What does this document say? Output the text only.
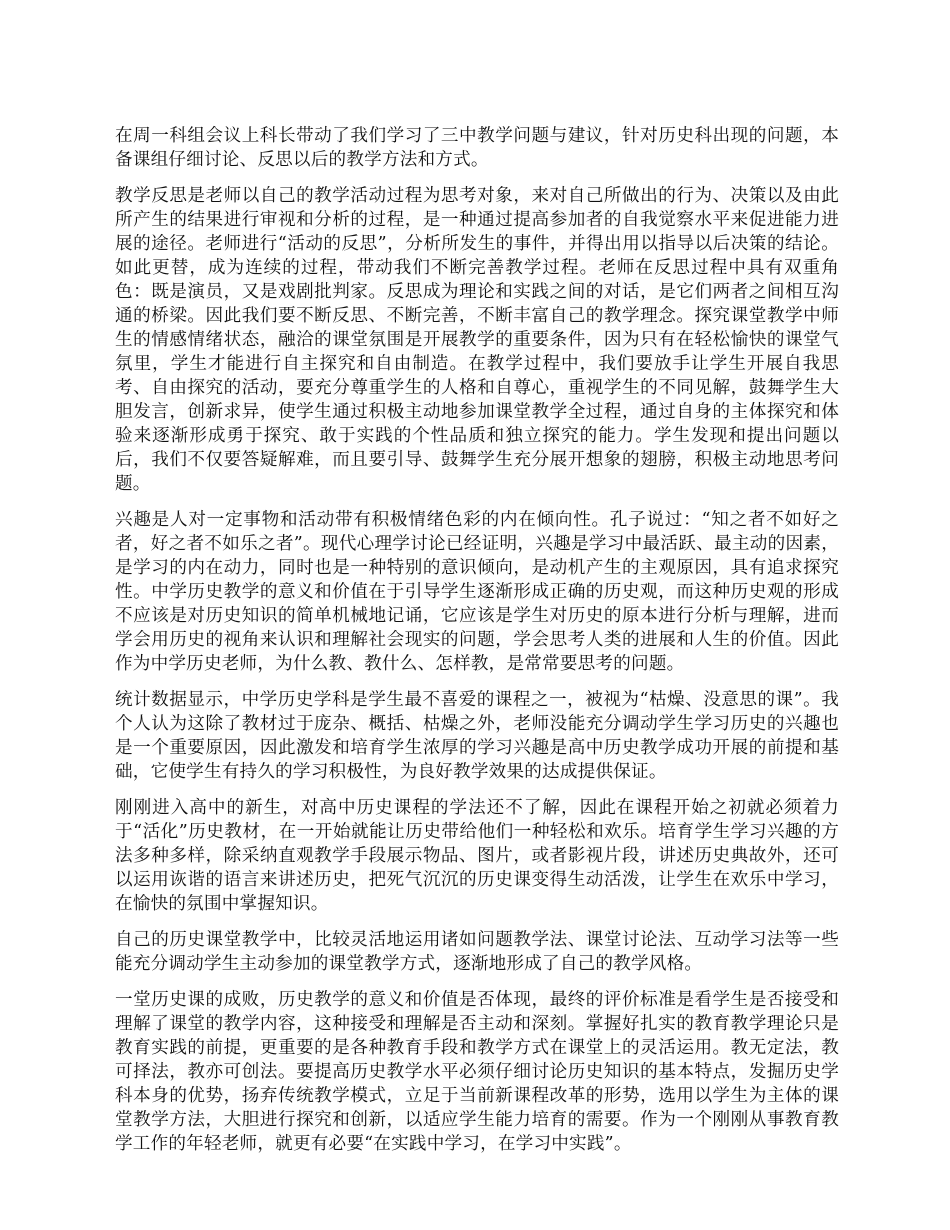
在周一科组会议上科长带动了我们学习了三中教学问题与建议，针对历史科出现的问题，本备课组仔细讨论、反思以后的教学方法和方式。

教学反思是老师以自己的教学活动过程为思考对象，来对自己所做出的行为、决策以及由此所产生的结果进行审视和分析的过程，是一种通过提高参加者的自我觉察水平来促进能力进展的途径。老师进行“活动的反思”，分析所发生的事件，并得出用以指导以后决策的结论。如此更替，成为连续的过程，带动我们不断完善教学过程。老师在反思过程中具有双重角色：既是演员，又是戏剧批判家。反思成为理论和实践之间的对话，是它们两者之间相互沟通的桥梁。因此我们要不断反思、不断完善，不断丰富自己的教学理念。探究课堂教学中师生的情感情绪状态，融洽的课堂氛围是开展教学的重要条件，因为只有在轻松愉快的课堂气氛里，学生才能进行自主探究和自由制造。在教学过程中，我们要放手让学生开展自我思考、自由探究的活动，要充分尊重学生的人格和自尊心，重视学生的不同见解，鼓舞学生大胆发言，创新求异，使学生通过积极主动地参加课堂教学全过程，通过自身的主体探究和体验来逐渐形成勇于探究、敢于实践的个性品质和独立探究的能力。学生发现和提出问题以后，我们不仅要答疑解难，而且要引导、鼓舞学生充分展开想象的翅膀，积极主动地思考问题。

兴趣是人对一定事物和活动带有积极情绪色彩的内在倾向性。孔子说过：“知之者不如好之者，好之者不如乐之者”。现代心理学讨论已经证明，兴趣是学习中最活跃、最主动的因素，是学习的内在动力，同时也是一种特别的意识倾向，是动机产生的主观原因，具有追求探究性。中学历史教学的意义和价值在于引导学生逐渐形成正确的历史观，而这种历史观的形成不应该是对历史知识的简单机械地记诵，它应该是学生对历史的原本进行分析与理解，进而学会用历史的视角来认识和理解社会现实的问题，学会思考人类的进展和人生的价值。因此作为中学历史老师，为什么教、教什么、怎样教，是常常要思考的问题。

统计数据显示，中学历史学科是学生最不喜爱的课程之一，被视为“枯燥、没意思的课”。我个人认为这除了教材过于庞杂、概括、枯燥之外，老师没能充分调动学生学习历史的兴趣也是一个重要原因，因此激发和培育学生浓厚的学习兴趣是高中历史教学成功开展的前提和基础，它使学生有持久的学习积极性，为良好教学效果的达成提供保证。

刚刚进入高中的新生，对高中历史课程的学法还不了解，因此在课程开始之初就必须着力于“活化”历史教材，在一开始就能让历史带给他们一种轻松和欢乐。培育学生学习兴趣的方法多种多样，除采纳直观教学手段展示物品、图片，或者影视片段，讲述历史典故外，还可以运用诙谐的语言来讲述历史，把死气沉沉的历史课变得生动活泼，让学生在欢乐中学习，在愉快的氛围中掌握知识。

自己的历史课堂教学中，比较灵活地运用诸如问题教学法、课堂讨论法、互动学习法等一些能充分调动学生主动参加的课堂教学方式，逐渐地形成了自己的教学风格。

一堂历史课的成败，历史教学的意义和价值是否体现，最终的评价标准是看学生是否接受和理解了课堂的教学内容，这种接受和理解是否主动和深刻。掌握好扎实的教育教学理论只是教育实践的前提，更重要的是各种教育手段和教学方式在课堂上的灵活运用。教无定法，教可择法，教亦可创法。要提高历史教学水平必须仔细讨论历史知识的基本特点，发掘历史学科本身的优势，扬弃传统教学模式，立足于当前新课程改革的形势，选用以学生为主体的课堂教学方法，大胆进行探究和创新，以适应学生能力培育的需要。作为一个刚刚从事教育教学工作的年轻老师，就更有必要“在实践中学习，在学习中实践”。
